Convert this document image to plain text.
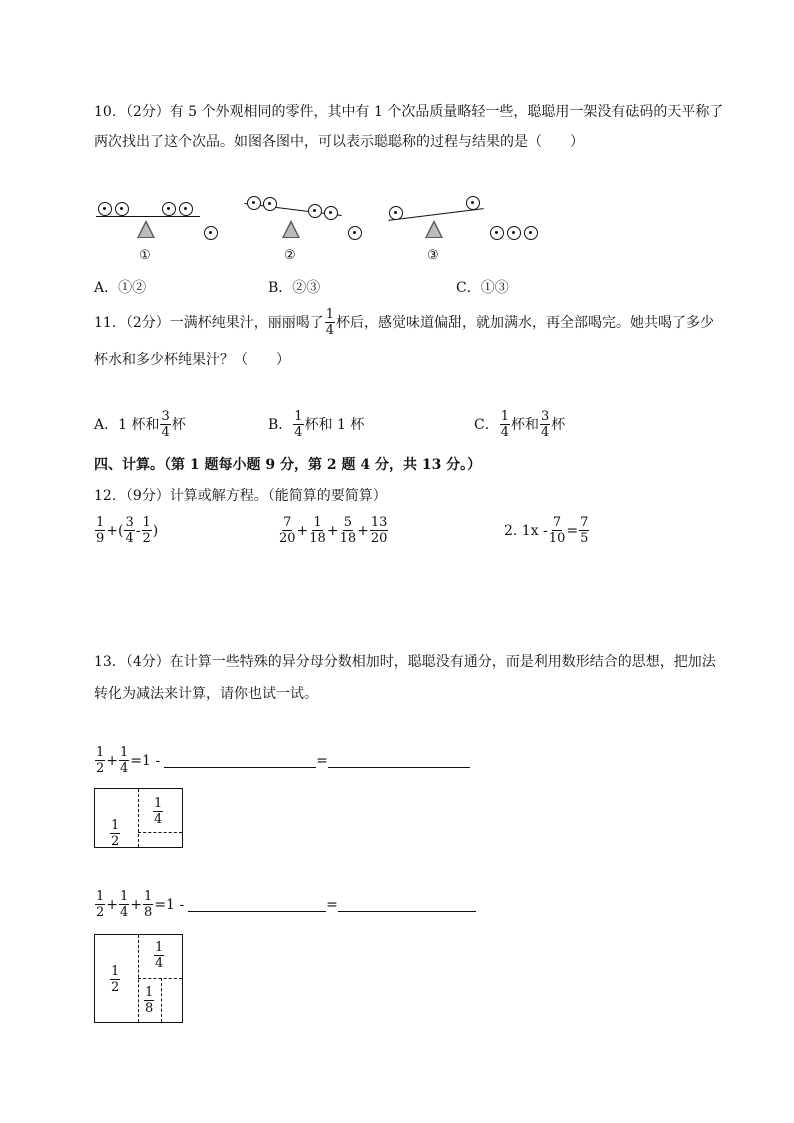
10．（2分）有 5 个外观相同的零件，其中有 1 个次品质量略轻一些，聪聪用一架没有砝码的天平称了
两次找出了这个次品。如图各图中，可以表示聪聪称的过程与结果的是（　　）
①	②	③
A．①②	B．②③	C．①③
11．（2分）一满杯纯果汁，丽丽喝了 $\frac{1}{4}$ 杯后，感觉味道偏甜，就加满水，再全部喝完。她共喝了多少
杯水和多少杯纯果汁？（　　）
A．1 杯和 $\frac{3}{4}$ 杯	B． $\frac{1}{4}$ 杯和 1 杯	C． $\frac{1}{4}$ 杯和 $\frac{3}{4}$ 杯
四、计算。（第 1 题每小题 9 分，第 2 题 4 分，共 13 分。）
12．（9分）计算或解方程。（能简算的要简算）
$\frac{1}{9}$ +( $\frac{3}{4} - \frac{1}{2}$ )	$\frac{7}{20} + \frac{1}{18} + \frac{5}{18} + \frac{13}{20}$	2. $1x - \frac{7}{10} = \frac{7}{5}$
13．（4分）在计算一些特殊的异分母分数相加时，聪聪没有通分，而是利用数形结合的思想，把加法
转化为减法来计算，请你也试一试。
$\frac{1}{2} + \frac{1}{4} =1$ -	=
$\frac{1}{2}$
$\frac{1}{4}$
$\frac{1}{2} + \frac{1}{4} + \frac{1}{8} =1$ -	=
$\frac{1}{2}$
$\frac{1}{4}$
$\frac{1}{8}$
